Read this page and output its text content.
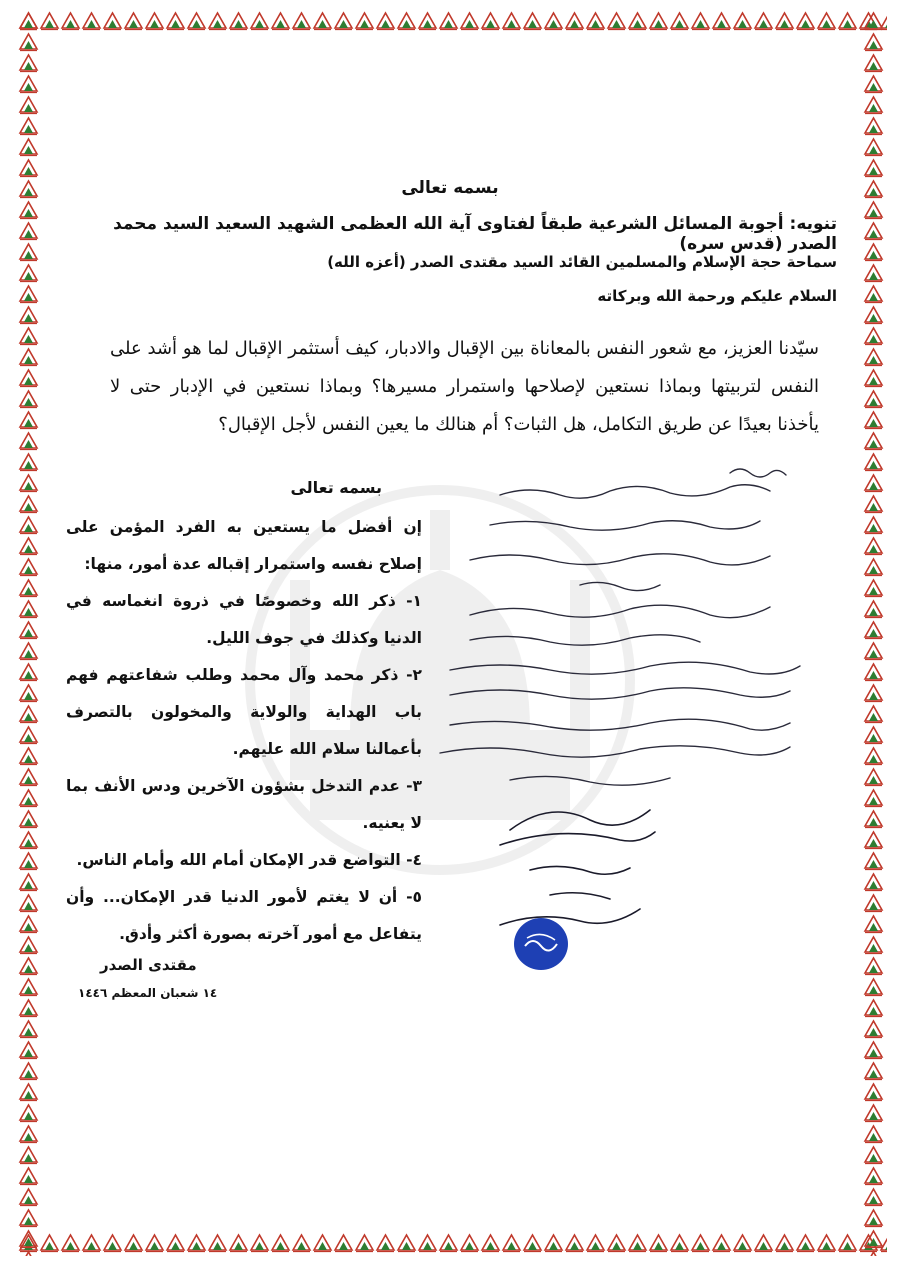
بسمه تعالى
تنويه: أجوبة المسائل الشرعية طبقاً لفتاوى آية الله العظمى الشهيد السعيد السيد محمد الصدر (قدس سره)
سماحة حجة الإسلام والمسلمين القائد السيد مقتدى الصدر (أعزه الله)
السلام عليكم ورحمة الله وبركاته
سيّدنا العزيز، مع شعور النفس بالمعاناة بين الإقبال والادبار، كيف أستثمر الإقبال لما هو أشد على النفس لتربيتها وبماذا نستعين لإصلاحها واستمرار مسيرها؟ وبماذا نستعين في الإدبار حتى لا يأخذنا بعيدًا عن طريق التكامل، هل الثبات؟ أم هنالك ما يعين النفس لأجل الإقبال؟
بسمه تعالى
إن أفضل ما يستعين به الفرد المؤمن على إصلاح نفسه واستمرار إقباله عدة أمور، منها:
١- ذكر الله وخصوصًا في ذروة انغماسه في الدنيا وكذلك في جوف الليل.
٢- ذكر محمد وآل محمد وطلب شفاعتهم فهم باب الهداية والولاية والمخولون بالتصرف بأعمالنا سلام الله عليهم.
٣- عدم التدخل بشؤون الآخرين ودس الأنف بما لا يعنيه.
٤- التواضع قدر الإمكان أمام الله وأمام الناس.
٥- أن لا يغتم لأمور الدنيا قدر الإمكان... وأن يتفاعل مع أمور آخرته بصورة أكثر وأدق.
مقتدى الصدر
١٤ شعبان المعظم ١٤٤٦
